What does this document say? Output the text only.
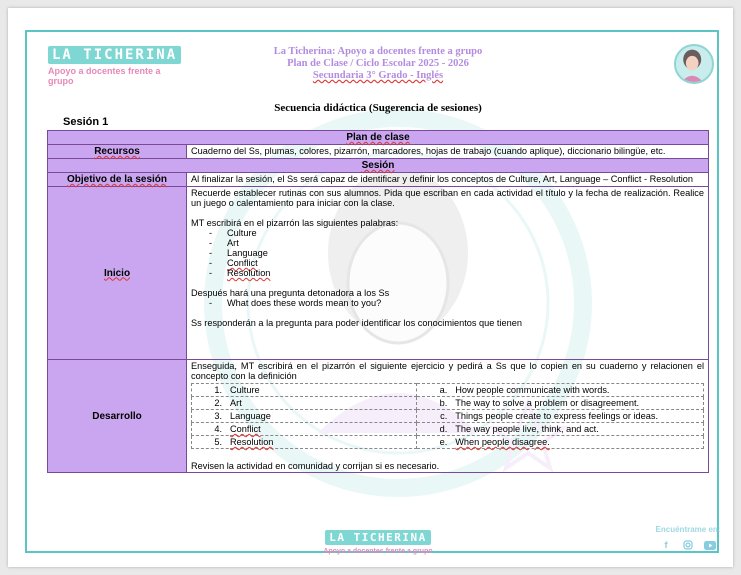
LA TICHERINA
Apoyo a docentes frente a grupo
La Ticherina: Apoyo a docentes frente a grupo
Plan de Clase / Ciclo Escolar 2025 - 2026
Secundaria 3° Grado - Inglés
Secuencia didáctica (Sugerencia de sesiones)
Sesión 1
Plan de clase
Recursos	Cuaderno del Ss, plumas, colores, pizarrón, marcadores, hojas de trabajo (cuando aplique), diccionario bilingüe, etc.
Sesión
Objetivo de la sesión	Al finalizar la sesión, el Ss será capaz de identificar y definir los conceptos de Culture, Art, Language – Conflict - Resolution
Inicio	

Recuerde establecer rutinas con sus alumnos. Pida que escriban en cada actividad el título y la fecha de realización. Realice un juego o calentamiento para iniciar con la clase.

MT escribirá en el pizarrón las siguientes palabras:

- Culture
- Art
- Language
- Conflict
- Resolution

Después hará una pregunta detonadora a los Ss

- What does these words mean to you?

Ss responderán a la pregunta para poder identificar los conocimientos que tienen

Desarrollo	

Enseguida, MT escribirá en el pizarrón el siguiente ejercicio y pedirá a Ss que lo copien en su cuaderno y relacionen el concepto con la definición

1. Culture	a. How people communicate with words.
2. Art	b. The way to solve a problem or disagreement.
3. Language	c. Things people create to express feelings or ideas.
4. Conflict	d. The way people live, think, and act.
5. Resolution	e. When people disagree.

Revisen la actividad en comunidad y corrijan si es necesario.

LA TICHERINA
Apoyo a docentes frente a grupo
Encuéntrame en:
f
